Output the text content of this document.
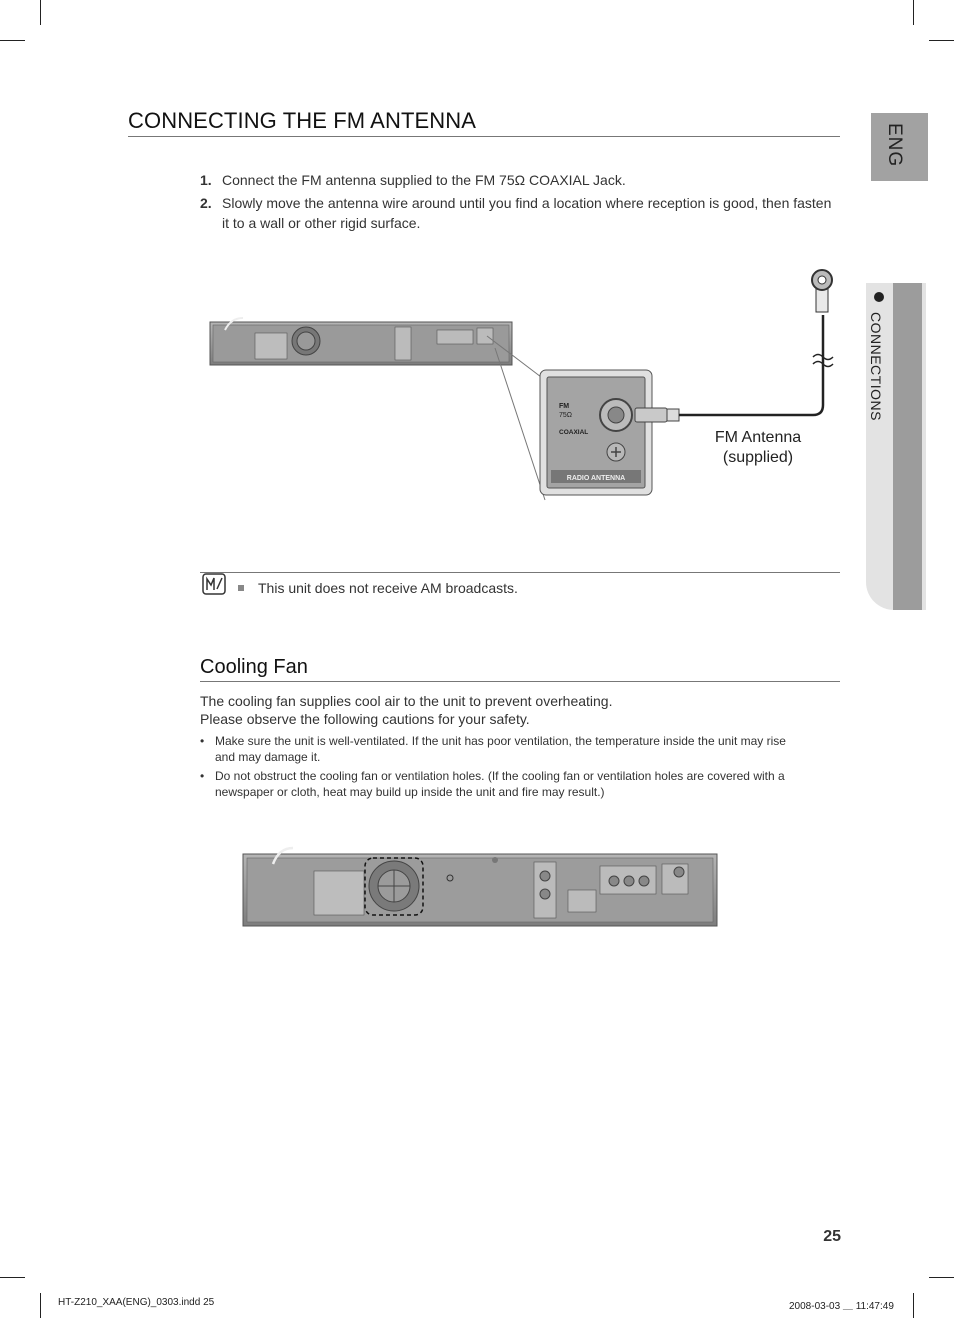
ENG
CONNECTIONS
CONNECTING THE FM ANTENNA
1. Connect the FM antenna supplied to the FM 75Ω COAXIAL Jack.
2. Slowly move the antenna wire around until you find a location where reception is good, then fasten it to a wall or other rigid surface.
FM
75Ω
COAXIAL
RADIO ANTENNA
FM Antenna
(supplied)
This unit does not receive AM broadcasts.
Cooling Fan
The cooling fan supplies cool air to the unit to prevent overheating.
Please observe the following cautions for your safety.
• Make sure the unit is well-ventilated. If the unit has poor ventilation, the temperature inside the unit may rise and may damage it.
• Do not obstruct the cooling fan or ventilation holes. (If the cooling fan or ventilation holes are covered with a newspaper or cloth, heat may build up inside the unit and fire may result.)
25
HT-Z210_XAA(ENG)_0303.indd 25	2008-03-03 ＿ 11:47:49
